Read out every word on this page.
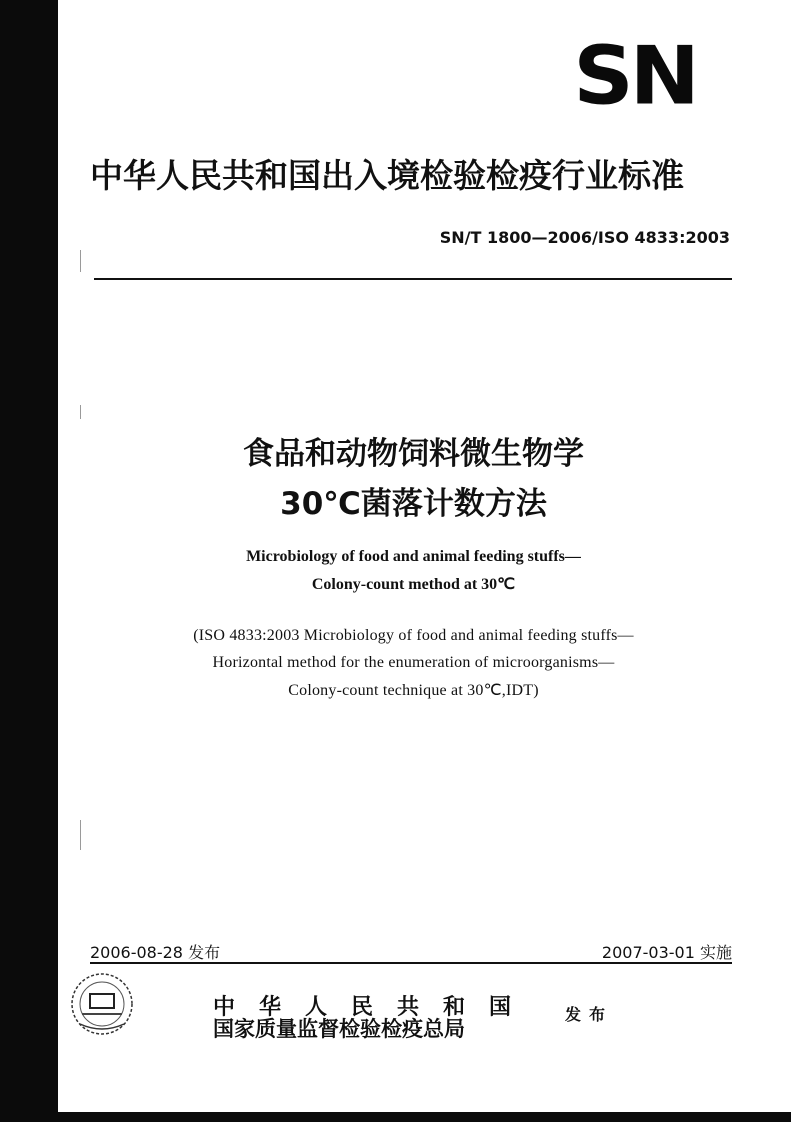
SN
中华人民共和国出入境检验检疫行业标准
SN/T 1800—2006/ISO 4833:2003
食品和动物饲料微生物学
30℃菌落计数方法
Microbiology of food and animal feeding stuffs—
Colony-count method at 30℃
(ISO 4833:2003 Microbiology of food and animal feeding stuffs—
Horizontal method for the enumeration of microorganisms—
Colony-count technique at 30℃,IDT)
2006-08-28 发布	2007-03-01 实施
中华人民共和国
国家质量监督检验检疫总局
发布
